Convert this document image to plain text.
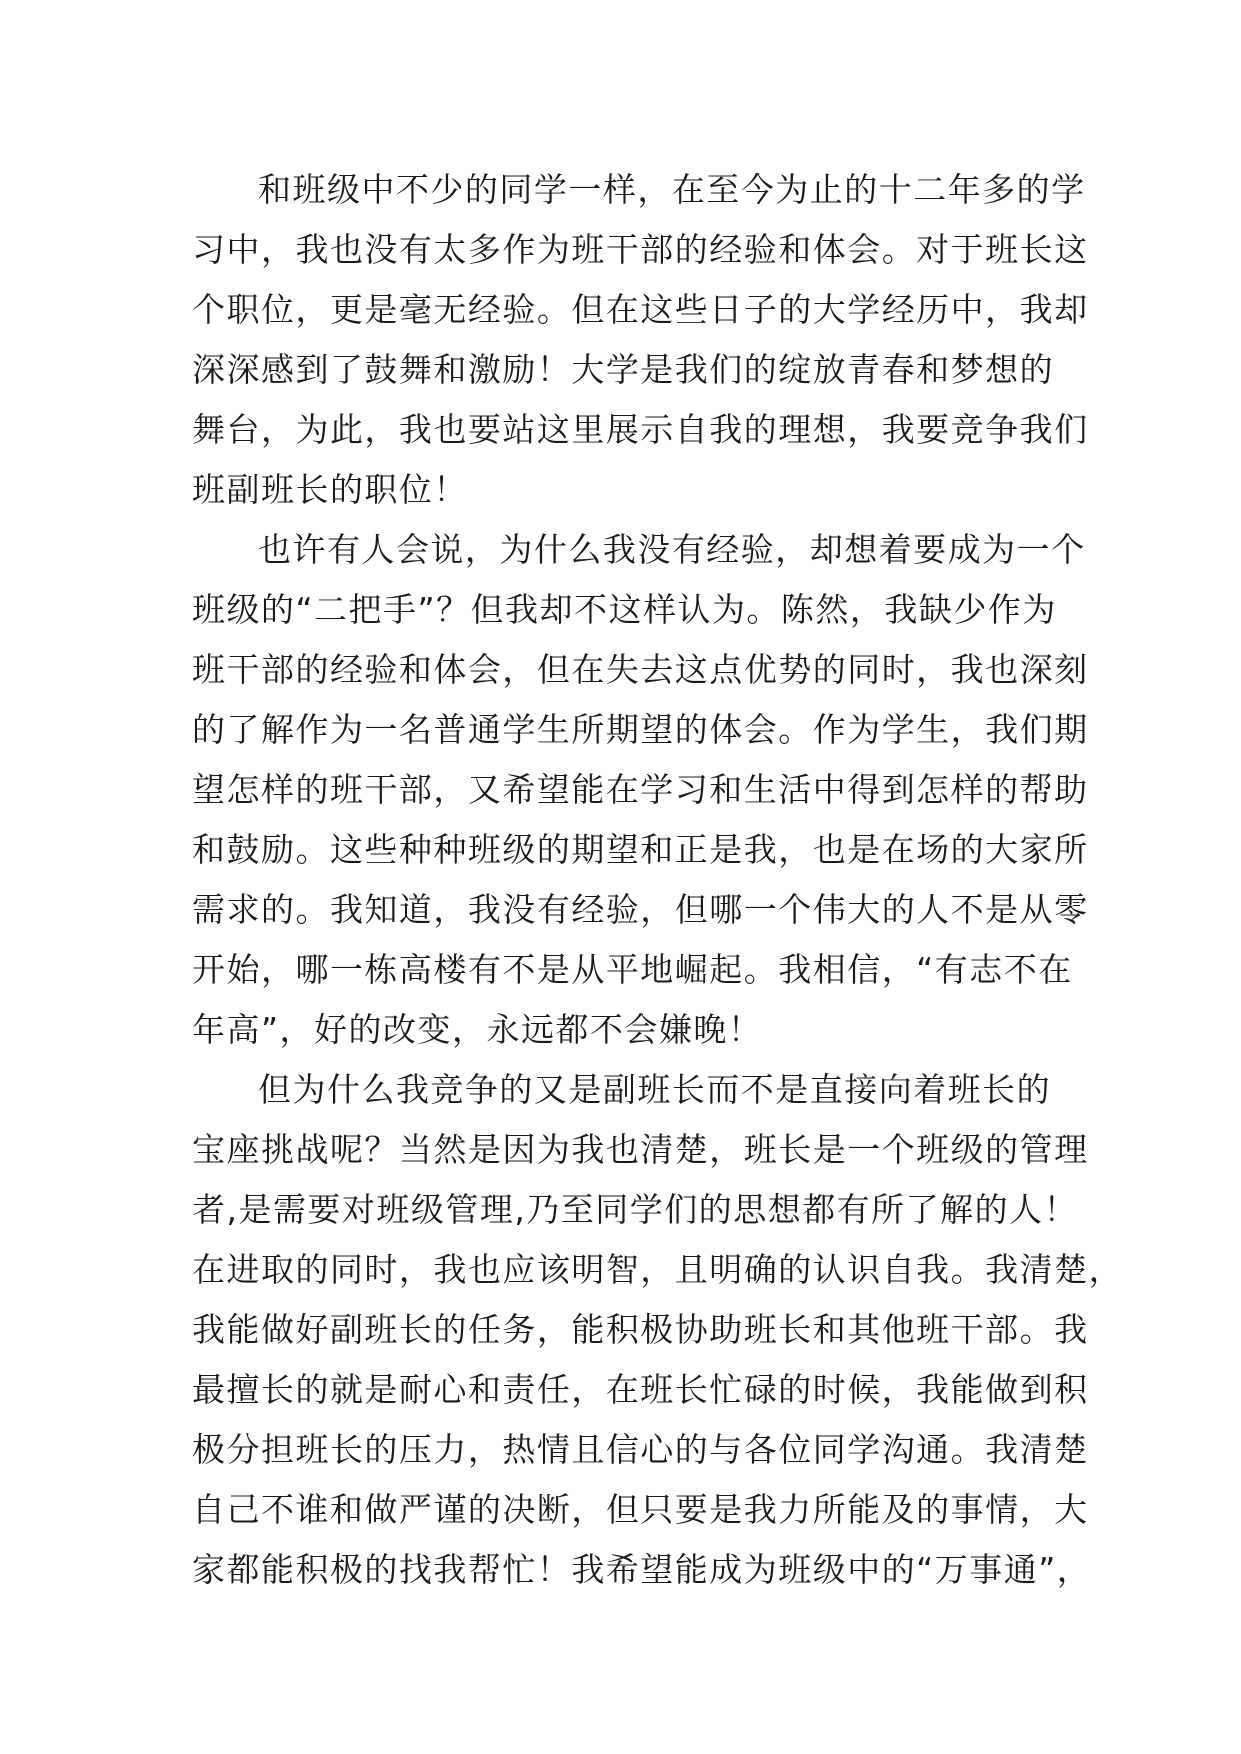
和班级中不少的同学一样，在至今为止的十二年多的学
习中，我也没有太多作为班干部的经验和体会。对于班长这
个职位，更是毫无经验。但在这些日子的大学经历中，我却
深深感到了鼓舞和激励！大学是我们的绽放青春和梦想的
舞台，为此，我也要站这里展示自我的理想，我要竞争我们
班副班长的职位！

也许有人会说，为什么我没有经验，却想着要成为一个
班级的“二把手”？但我却不这样认为。陈然，我缺少作为
班干部的经验和体会，但在失去这点优势的同时，我也深刻
的了解作为一名普通学生所期望的体会。作为学生，我们期
望怎样的班干部，又希望能在学习和生活中得到怎样的帮助
和鼓励。这些种种班级的期望和正是我，也是在场的大家所
需求的。我知道，我没有经验，但哪一个伟大的人不是从零
开始，哪一栋高楼有不是从平地崛起。我相信，“有志不在
年高”，好的改变，永远都不会嫌晚！

但为什么我竞争的又是副班长而不是直接向着班长的
宝座挑战呢？当然是因为我也清楚，班长是一个班级的管理
者,是需要对班级管理,乃至同学们的思想都有所了解的人！
在进取的同时，我也应该明智，且明确的认识自我。我清楚，
我能做好副班长的任务，能积极协助班长和其他班干部。我
最擅长的就是耐心和责任，在班长忙碌的时候，我能做到积
极分担班长的压力，热情且信心的与各位同学沟通。我清楚
自己不谁和做严谨的决断，但只要是我力所能及的事情，大
家都能积极的找我帮忙！我希望能成为班级中的“万事通”，
